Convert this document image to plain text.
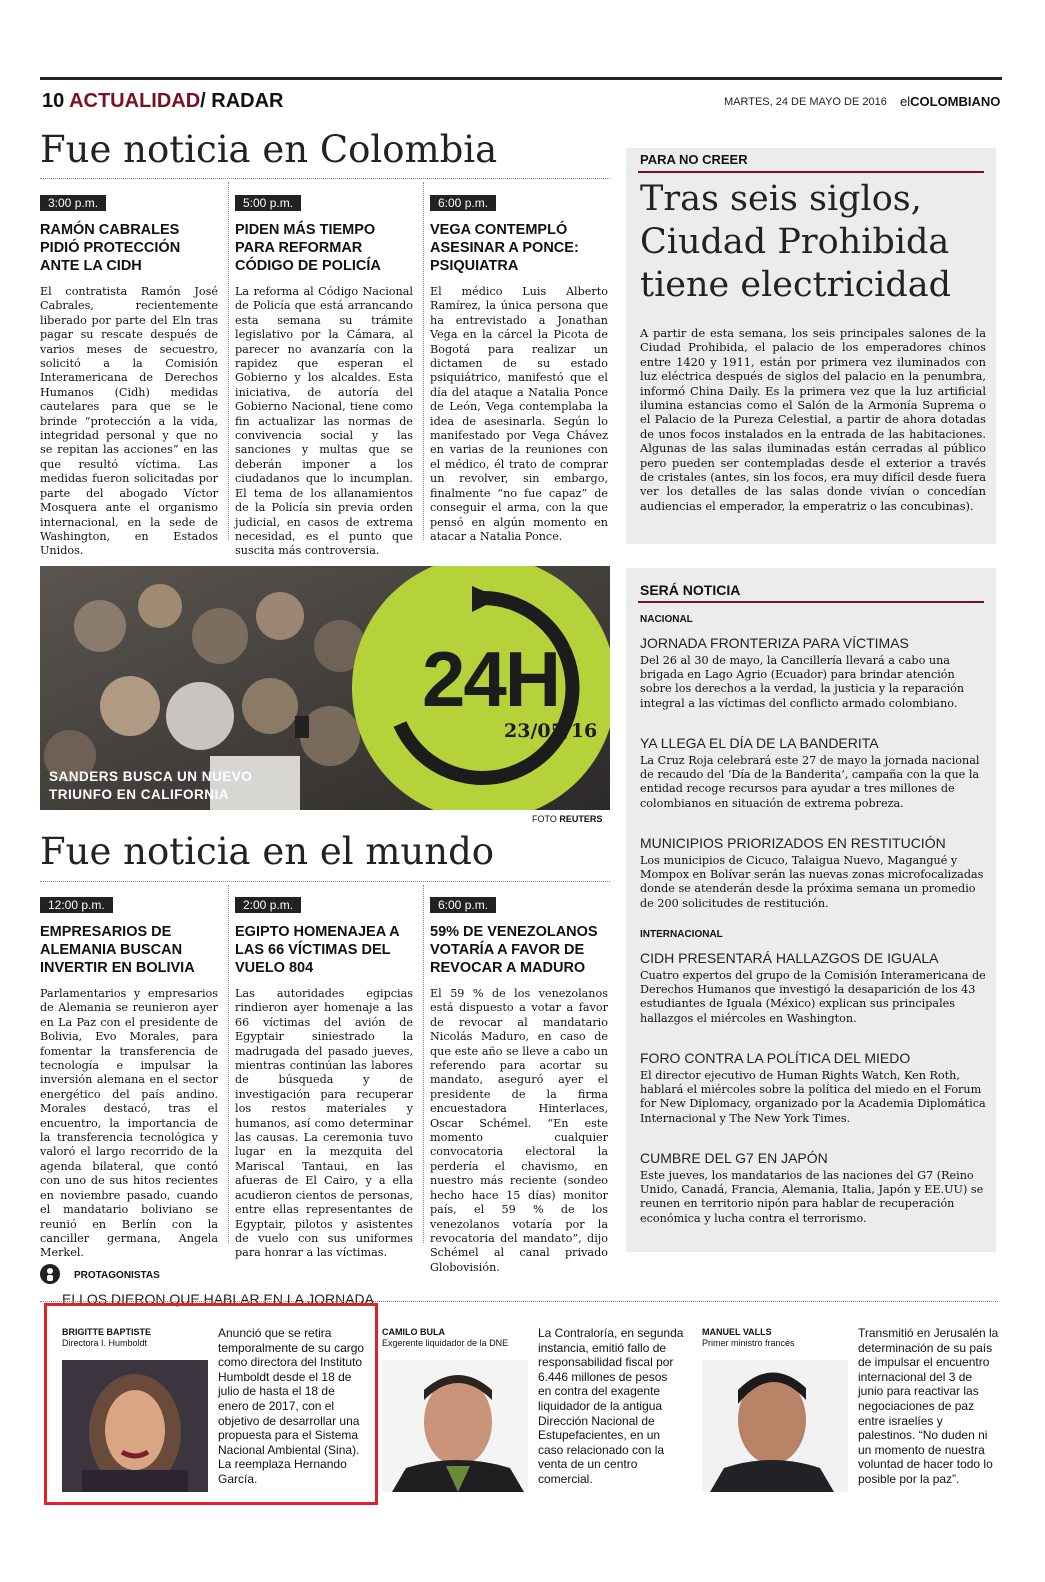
10 ACTUALIDAD/ RADAR	MARTES, 24 DE MAYO DE 2016 elCOLOMBIANO
Fue noticia en Colombia
3:00 p.m.
RAMÓN CABRALES PIDIÓ PROTECCIÓN ANTE LA CIDH
El contratista Ramón José Cabrales, recientemente liberado por parte del Eln tras pagar su rescate después de varios meses de secuestro, solicitó a la Comisión Interamericana de Derechos Humanos (Cidh) medidas cautelares para que se le brinde “protección a la vida, integridad personal y que no se repitan las acciones” en las que resultó víctima. Las medidas fueron solicitadas por parte del abogado Víctor Mosquera ante el organismo internacional, en la sede de Washington, en Estados Unidos.
5:00 p.m.
PIDEN MÁS TIEMPO PARA REFORMAR CÓDIGO DE POLICÍA
La reforma al Código Nacional de Policía que está arrancando esta semana su trámite legislativo por la Cámara, al parecer no avanzaría con la rapidez que esperan el Gobierno y los alcaldes. Esta iniciativa, de autoría del Gobierno Nacional, tiene como fin actualizar las normas de convivencia social y las sanciones y multas que se deberán imponer a los ciudadanos que lo incumplan. El tema de los allanamientos de la Policía sin previa orden judicial, en casos de extrema necesidad, es el punto que suscita más controversia.
6:00 p.m.
VEGA CONTEMPLÓ ASESINAR A PONCE: PSIQUIATRA
El médico Luis Alberto Ramírez, la única persona que ha entrevistado a Jonathan Vega en la cárcel la Picota de Bogotá para realizar un dictamen de su estado psiquiátrico, manifestó que el día del ataque a Natalia Ponce de León, Vega contemplaba la idea de asesinarla. Según lo manifestado por Vega Chávez en varias de la reuniones con el médico, él trato de comprar un revolver, sin embargo, finalmente “no fue capaz” de conseguir el arma, con la que pensó en algún momento en atacar a Natalia Ponce.
PARA NO CREER
Tras seis siglos, Ciudad Prohibida tiene electricidad
A partir de esta semana, los seis principales salones de la Ciudad Prohibida, el palacio de los emperadores chinos entre 1420 y 1911, están por primera vez iluminados con luz eléctrica después de siglos del palacio en la penumbra, informó China Daily. Es la primera vez que la luz artificial ilumina estancias como el Salón de la Armonía Suprema o el Palacio de la Pureza Celestial, a partir de ahora dotadas de unos focos instalados en la entrada de las habitaciones. Algunas de las salas iluminadas están cerradas al público pero pueden ser contempladas desde el exterior a través de cristales (antes, sin los focos, era muy difícil desde fuera ver los detalles de las salas donde vivían o concedían audiencias el emperador, la emperatriz o las concubinas).
SANDERS BUSCA UN NUEVO TRIUNFO EN CALIFORNIA
24H
23/05/16
FOTO REUTERS
SERÁ NOTICIA
NACIONAL
JORNADA FRONTERIZA PARA VÍCTIMAS
Del 26 al 30 de mayo, la Cancillería llevará a cabo una brigada en Lago Agrio (Ecuador) para brindar atención sobre los derechos a la verdad, la justicia y la reparación integral a las víctimas del conflicto armado colombiano.
YA LLEGA EL DÍA DE LA BANDERITA
La Cruz Roja celebrará este 27 de mayo la jornada nacional de recaudo del ‘Día de la Banderita’, campaña con la que la entidad recoge recursos para ayudar a tres millones de colombianos en situación de extrema pobreza.
MUNICIPIOS PRIORIZADOS EN RESTITUCIÓN
Los municipios de Cicuco, Talaigua Nuevo, Magangué y Mompox en Bolívar serán las nuevas zonas microfocalizadas donde se atenderán desde la próxima semana un promedio de 200 solicitudes de restitución.
INTERNACIONAL
CIDH PRESENTARÁ HALLAZGOS DE IGUALA
Cuatro expertos del grupo de la Comisión Interamericana de Derechos Humanos que investigó la desaparición de los 43 estudiantes de Iguala (México) explican sus principales hallazgos el miércoles en Washington.
FORO CONTRA LA POLÍTICA DEL MIEDO
El director ejecutivo de Human Rights Watch, Ken Roth, hablará el miércoles sobre la política del miedo en el Forum for New Diplomacy, organizado por la Academia Diplomática Internacional y The New York Times.
CUMBRE DEL G7 EN JAPÓN
Este jueves, los mandatarios de las naciones del G7 (Reino Unido, Canadá, Francia, Alemania, Italia, Japón y EE.UU) se reunen en territorio nipón para hablar de recuperación económica y lucha contra el terrorismo.
Fue noticia en el mundo
12:00 p.m.
EMPRESARIOS DE ALEMANIA BUSCAN INVERTIR EN BOLIVIA
Parlamentarios y empresarios de Alemania se reunieron ayer en La Paz con el presidente de Bolivia, Evo Morales, para fomentar la transferencia de tecnología e impulsar la inversión alemana en el sector energético del país andino. Morales destacó, tras el encuentro, la importancia de la transferencia tecnológica y valoró el largo recorrido de la agenda bilateral, que contó con uno de sus hitos recientes en noviembre pasado, cuando el mandatario boliviano se reunió en Berlín con la canciller germana, Angela Merkel.
2:00 p.m.
EGIPTO HOMENAJEA A LAS 66 VÍCTIMAS DEL VUELO 804
Las autoridades egipcias rindieron ayer homenaje a las 66 víctimas del avión de Egyptair siniestrado la madrugada del pasado jueves, mientras continúan las labores de búsqueda y de investigación para recuperar los restos materiales y humanos, así como determinar las causas. La ceremonia tuvo lugar en la mezquita del Mariscal Tantaui, en las afueras de El Cairo, y a ella acudieron cientos de personas, entre ellas representantes de Egyptair, pilotos y asistentes de vuelo con sus uniformes para honrar a las víctimas.
6:00 p.m.
59% DE VENEZOLANOS VOTARÍA A FAVOR DE REVOCAR A MADURO
El 59 % de los venezolanos está dispuesto a votar a favor de revocar al mandatario Nicolás Maduro, en caso de que este año se lleve a cabo un referendo para acortar su mandato, aseguró ayer el presidente de la firma encuestadora Hinterlaces, Oscar Schémel. “En este momento cualquier convocatoria electoral la perdería el chavismo, en nuestro más reciente (sondeo hecho hace 15 días) monitor país, el 59 % de los venezolanos votaría por la revocatoria del mandato”, dijo Schémel al canal privado Globovisión.
PROTAGONISTAS
ELLOS DIERON QUE HABLAR EN LA JORNADA
BRIGITTE BAPTISTE
Directora I. Humboldt
Anunció que se retira temporalmente de su cargo como directora del Instituto Humboldt desde el 18 de julio de hasta el 18 de enero de 2017, con el objetivo de desarrollar una propuesta para el Sistema Nacional Ambiental (Sina). La reemplaza Hernando García.
CAMILO BULA
Exgerente liquidador de la DNE
La Contraloría, en segunda instancia, emitió fallo de responsabilidad fiscal por 6.446 millones de pesos en contra del exagente liquidador de la antigua Dirección Nacional de Estupefacientes, en un caso relacionado con la venta de un centro comercial.
MANUEL VALLS
Primer ministro francés
Transmitió en Jerusalén la determinación de su país de impulsar el encuentro internacional del 3 de junio para reactivar las negociaciones de paz entre israelíes y palestinos. “No duden ni un momento de nuestra voluntad de hacer todo lo posible por la paz”.
